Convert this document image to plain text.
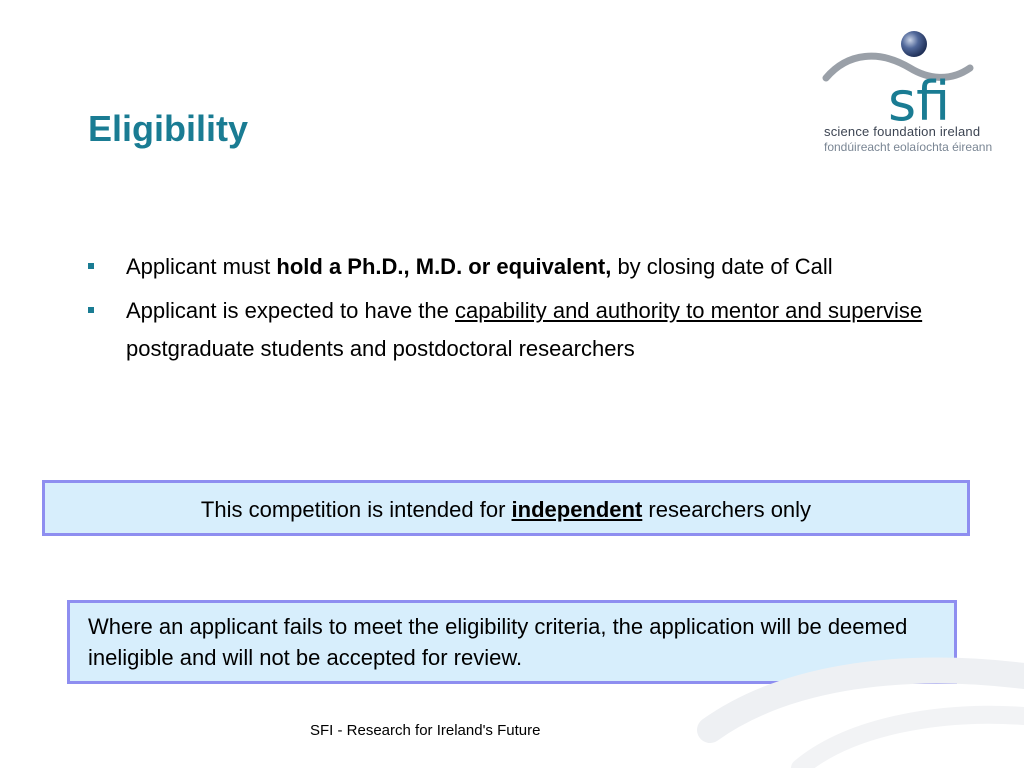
Eligibility	sfi
science foundation ireland
fondúireacht eolaíochta éireann
Applicant must hold a Ph.D., M.D. or equivalent, by closing date of Call
Applicant is expected to have the capability and authority to mentor and supervise postgraduate students and postdoctoral researchers
This competition is intended for independent researchers only
Where an applicant fails to meet the eligibility criteria, the application will be deemed ineligible and will not be accepted for review.
SFI - Research for Ireland's Future
